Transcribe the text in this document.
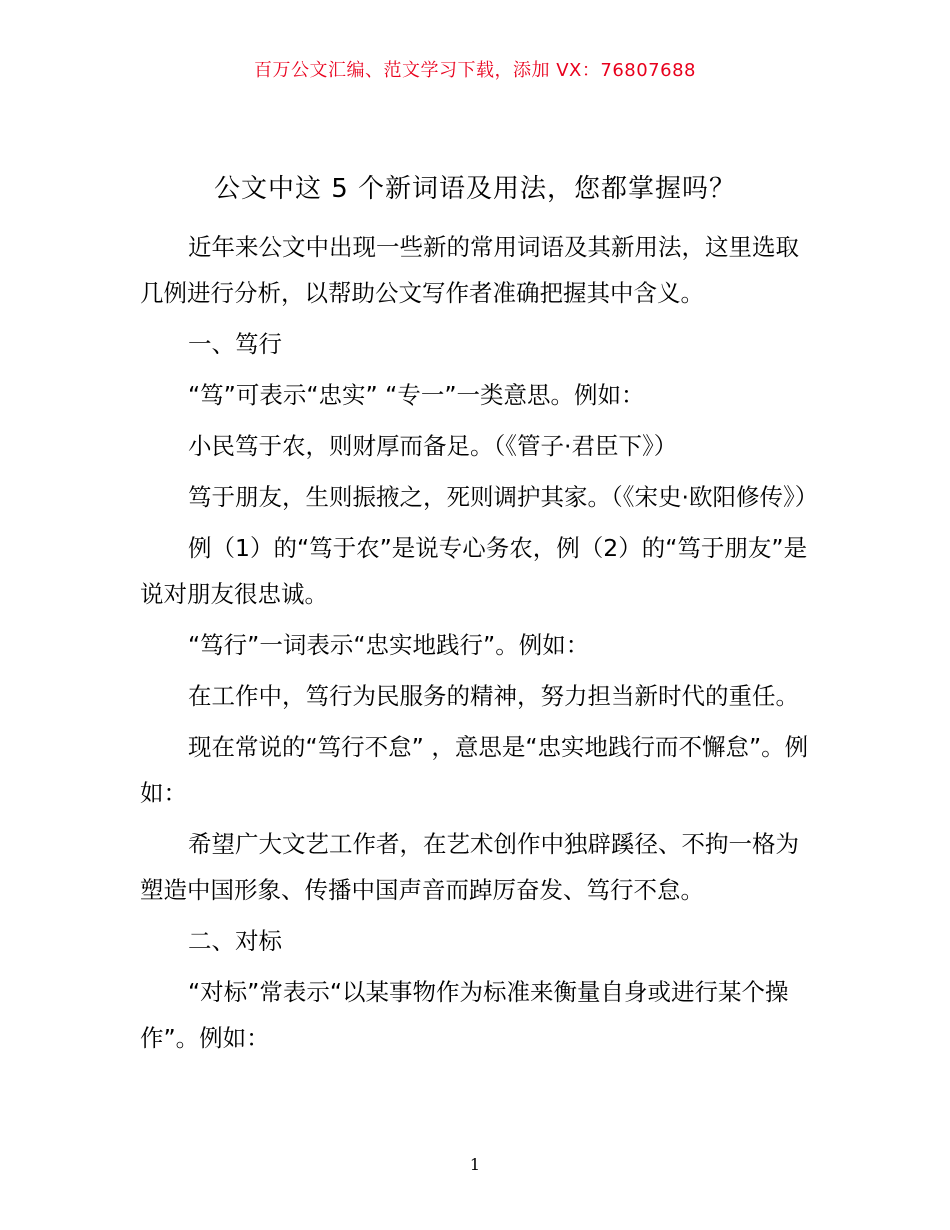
百万公文汇编、范文学习下载，添加 VX：76807688
公文中这 5 个新词语及用法，您都掌握吗？

近年来公文中出现一些新的常用词语及其新用法，这里选取几例进行分析，以帮助公文写作者准确把握其中含义。

一、笃行

“笃”可表示“忠实” “专一”一类意思。例如：

小民笃于农，则财厚而备足。（《管子·君臣下》）

笃于朋友，生则振掖之，死则调护其家。（《宋史·欧阳修传》）

例（1）的“笃于农”是说专心务农，例（2）的“笃于朋友”是说对朋友很忠诚。

“笃行”一词表示“忠实地践行”。例如：

在工作中，笃行为民服务的精神，努力担当新时代的重任。

现在常说的“笃行不怠” ，意思是“忠实地践行而不懈怠”。例如：

希望广大文艺工作者，在艺术创作中独辟蹊径、不拘一格为塑造中国形象、传播中国声音而踔厉奋发、笃行不怠。

二、对标

“对标”常表示“以某事物作为标准来衡量自身或进行某个操作”。例如：

1
